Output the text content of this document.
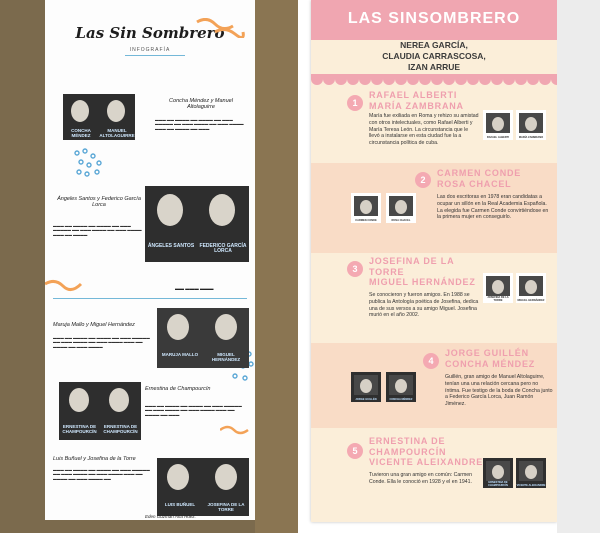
Las Sin Sombrero
INFOGRAFÍA
CONCHA MÉNDEZ
MANUEL ALTOLAGUIRRE
Concha Méndez y Manuel Altolaguirre
▬▬▬ ▬▬ ▬▬▬▬ ▬▬ ▬▬▬▬ ▬▬ ▬▬▬ ▬▬▬▬▬ ▬▬ ▬▬▬ ▬▬▬▬ ▬▬ ▬▬▬ ▬▬▬▬ ▬▬▬ ▬▬ ▬▬▬▬ ▬▬ ▬▬▬
Ángeles Santos y Federico García Lorca
▬▬▬ ▬▬ ▬▬▬▬ ▬▬ ▬▬▬▬ ▬▬ ▬▬▬ ▬▬▬▬▬ ▬▬ ▬▬▬ ▬▬▬▬ ▬▬ ▬▬▬ ▬▬▬▬ ▬▬▬ ▬▬ ▬▬▬▬
ÁNGELES SANTOS	FEDERICO GARCÍA LORCA
▬▬ ▬▬▬ ▬▬▬
Maruja Mallo y Miguel Hernández
▬▬▬ ▬▬ ▬▬▬▬ ▬▬ ▬▬▬▬ ▬▬ ▬▬▬ ▬▬▬▬▬ ▬▬ ▬▬▬ ▬▬▬▬ ▬▬ ▬▬▬ ▬▬▬▬ ▬▬▬ ▬▬ ▬▬▬▬ ▬▬ ▬▬▬ ▬▬▬▬
MARUJA MALLO	MIGUEL HERNÁNDEZ
ERNESTINA DE CHAMPOURCÍN
ERNESTINA DE CHAMPOURCÍN
Ernestina de Champourcín
▬▬▬ ▬▬ ▬▬▬▬ ▬▬ ▬▬▬▬ ▬▬ ▬▬▬ ▬▬▬▬▬ ▬▬ ▬▬▬ ▬▬▬▬ ▬▬ ▬▬▬ ▬▬▬▬ ▬▬▬ ▬▬ ▬▬▬▬ ▬▬ ▬▬▬
Luis Buñuel y Josefina de la Torre
▬▬▬ ▬▬ ▬▬▬▬ ▬▬ ▬▬▬▬ ▬▬ ▬▬▬ ▬▬▬▬▬ ▬▬ ▬▬▬ ▬▬▬▬ ▬▬ ▬▬▬ ▬▬▬▬ ▬▬▬ ▬▬ ▬▬▬▬ ▬▬ ▬▬▬ ▬▬▬▬ ▬▬
LUIS BUÑUEL	JOSEFINA DE LA TORRE
Eden Guzmán Ana Hdez.
LAS SINSOMBRERO
NEREA GARCÍA,
CLAUDIA CARRASCOSA,
IZAN ARRUE
1
RAFAEL ALBERTI
MARÍA ZAMBRANA
María fue exiliada en Roma y rehizo su amistad con otros intelectuales, como Rafael Alberti y María Teresa León. La circunstancia que le llevó a instalarse en esta ciudad fue la a circunstancia política de cuba.
RAFAEL ALBERTI	MARÍA ZAMBRANO
2
CARMEN CONDE
ROSA CHACEL
Las dos escritoras en 1978 eran candidatas a ocupar un sillón en la Real Academia Española. La elegida fue Carmen Conde convirtiéndose en la primera mujer en conseguirlo.
CARMEN CONDE	ROSA CHACEL
3
JOSEFINA DE LA
TORRE
MIGUEL HERNÁNDEZ
Se conocieron y fueron amigos. En 1988 se publica la Antología poética de Josefina, dedica una de sus versos a su amigo Miguel. Josefina murió en el año 2002.
JOSEFINA DE LA TORRE	MIGUEL HERNÁNDEZ
4
JORGE GUILLÉN
CONCHA MÉNDEZ
Guillén, gran amigo de Manuel Altolaguirre, tenían una una relación cercana pero no íntima. Fue testigo de la boda de Concha junto a Federico García Lorca, Juan Ramón Jiménez.
JORGE GUILLÉN	CONCHA MÉNDEZ
5
ERNESTINA DE
CHAMPOURCÍN
VICENTE ALEIXANDRE
Tuvieron una gran amigo en común: Carmen Conde. Ella le conoció en 1928 y el en 1941.	ERNESTINA DE CHAMPOURCÍN	VICENTE ALEIXANDRE
